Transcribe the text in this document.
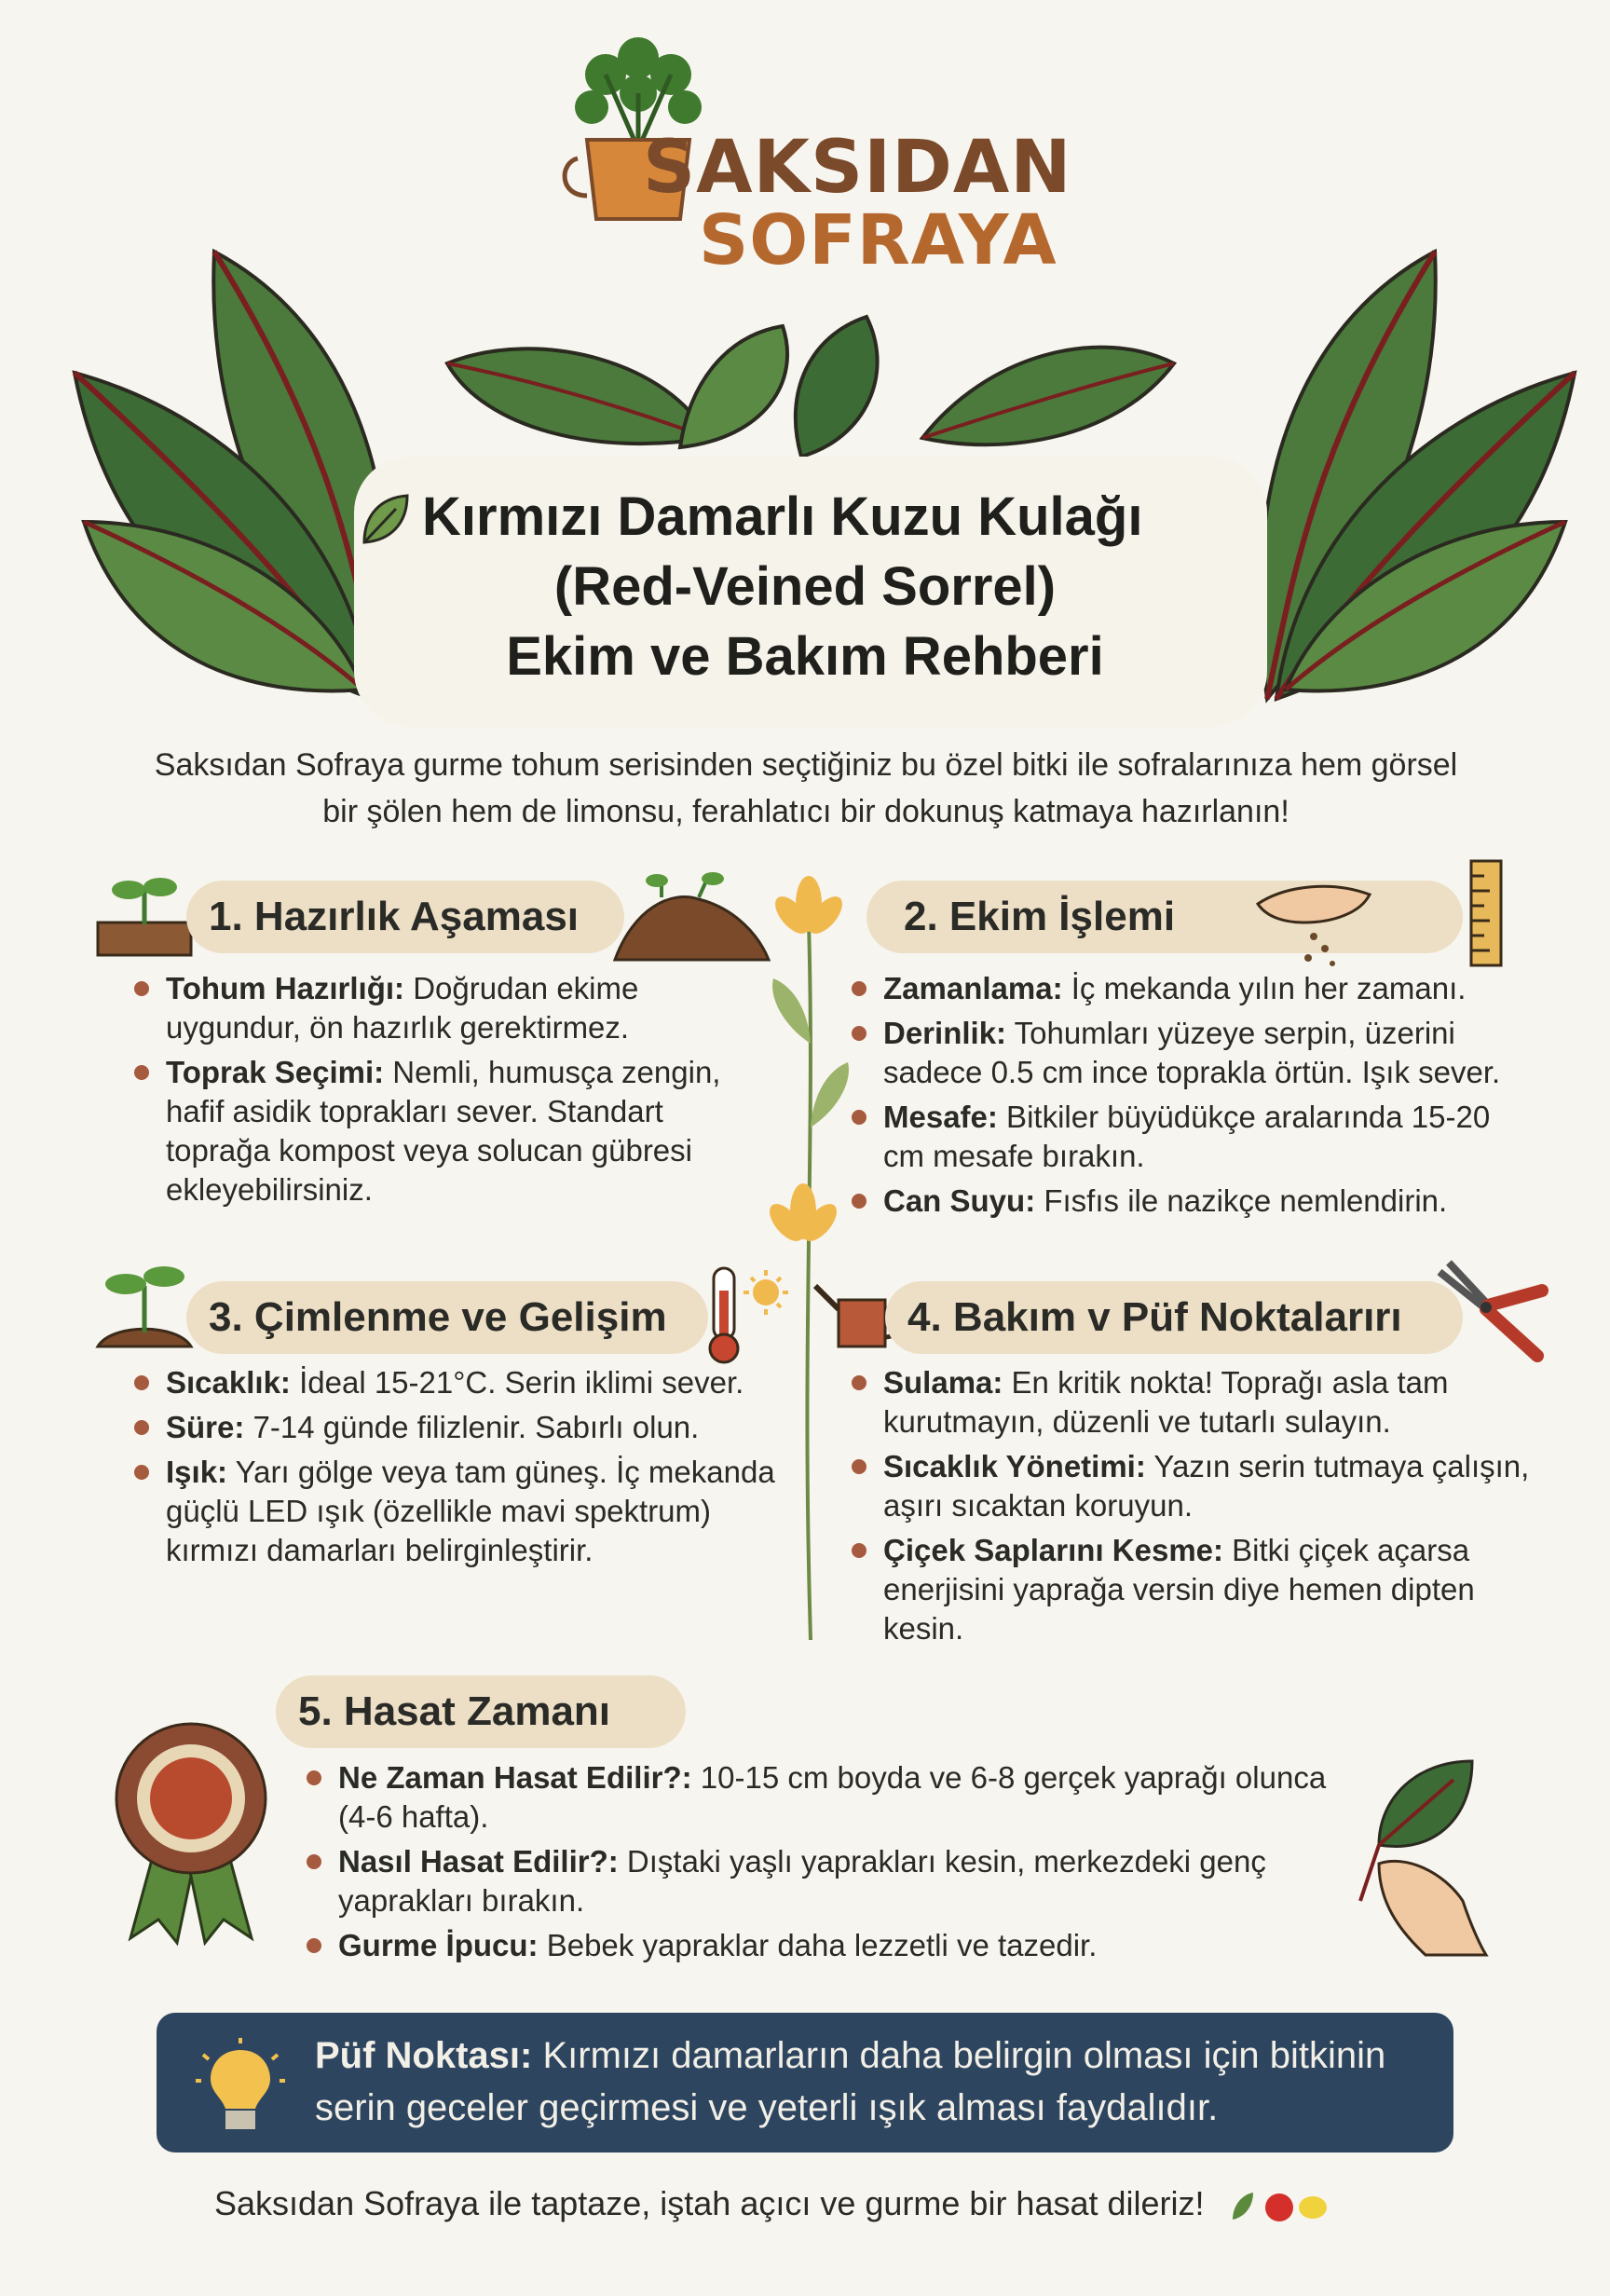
SAKSIDAN
SOFRAYA
Kırmızı Damarlı Kuzu Kulağı
(Red-Veined Sorrel)
Ekim ve Bakım Rehberi
Saksıdan Sofraya gurme tohum serisinden seçtiğiniz bu özel bitki ile sofralarınıza hem görsel bir şölen hem de limonsu, ferahlatıcı bir dokunuş katmaya hazırlanın!
1. Hazırlık Aşaması
Tohum Hazırlığı: Doğrudan ekime uygundur, ön hazırlık gerektirmez.
Toprak Seçimi: Nemli, humusça zengin, hafif asidik toprakları sever. Standart toprağa kompost veya solucan gübresi ekleyebilirsiniz.
2. Ekim İşlemi
Zamanlama: İç mekanda yılın her zamanı.
Derinlik: Tohumları yüzeye serpin, üzerini sadece 0.5 cm ince toprakla örtün. Işık sever.
Mesafe: Bitkiler büyüdükçe aralarında 15-20 cm mesafe bırakın.
Can Suyu: Fısfıs ile nazikçe nemlendirin.
3. Çimlenme ve Gelişim
Sıcaklık: İdeal 15-21°C. Serin iklimi sever.
Süre: 7-14 günde filizlenir. Sabırlı olun.
Işık: Yarı gölge veya tam güneş. İç mekanda güçlü LED ışık (özellikle mavi spektrum) kırmızı damarları belirginleştirir.
4. Bakım v Püf Noktalarırı
Sulama: En kritik nokta! Toprağı asla tam kurutmayın, düzenli ve tutarlı sulayın.
Sıcaklık Yönetimi: Yazın serin tutmaya çalışın, aşırı sıcaktan koruyun.
Çiçek Saplarını Kesme: Bitki çiçek açarsa enerjisini yaprağa versin diye hemen dipten kesin.
5. Hasat Zamanı
Ne Zaman Hasat Edilir?: 10-15 cm boyda ve 6-8 gerçek yaprağı olunca (4-6 hafta).
Nasıl Hasat Edilir?: Dıştaki yaşlı yaprakları kesin, merkezdeki genç yaprakları bırakın.
Gurme İpucu: Bebek yapraklar daha lezzetli ve tazedir.
Püf Noktası: Kırmızı damarların daha belirgin olması için bitkinin serin geceler geçirmesi ve yeterli ışık alması faydalıdır.
Saksıdan Sofraya ile taptaze, iştah açıcı ve gurme bir hasat dileriz!
